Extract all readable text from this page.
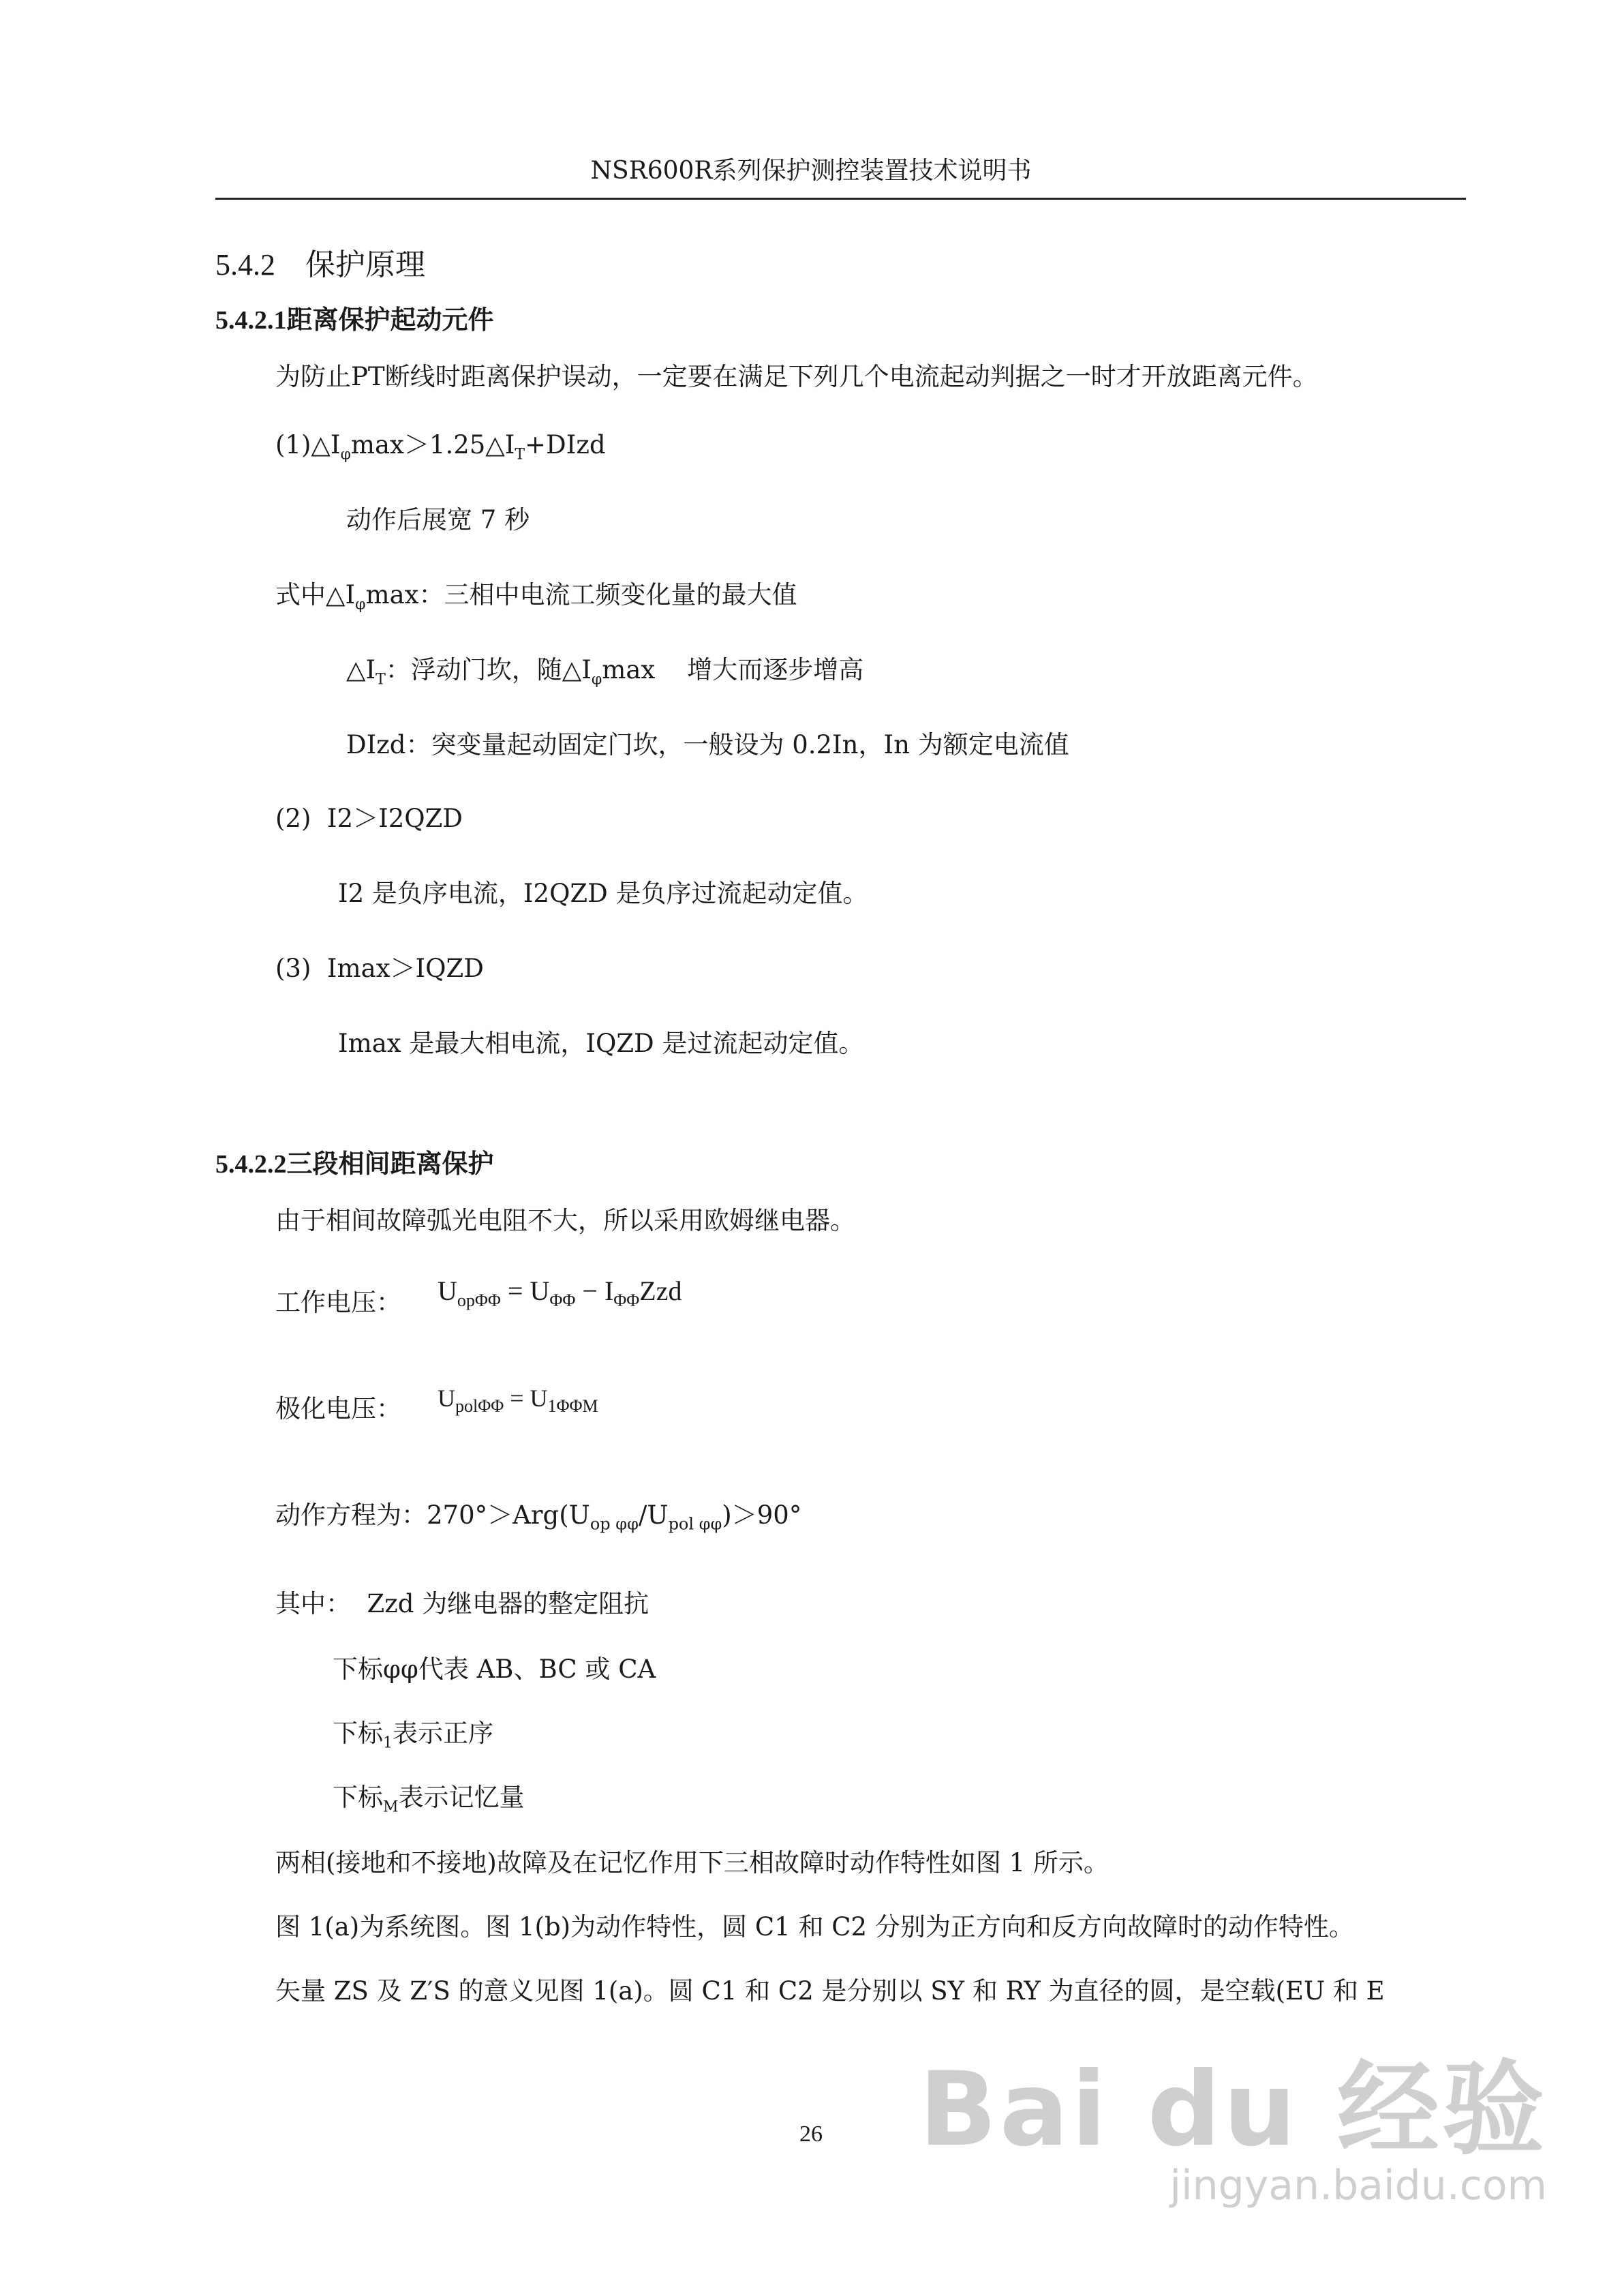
NSR600R系列保护测控装置技术说明书
5.4.2 保护原理
5.4.2.1距离保护起动元件
为防止PT断线时距离保护误动，一定要在满足下列几个电流起动判据之一时才开放距离元件。
$(1)\triangle I_\varphi\max>1.25\triangle I_T+DIzd$
动作后展宽 7 秒
式中$\triangle I_\varphi\max$：三相中电流工频变化量的最大值
$\triangle I_T$：浮动门坎，随$\triangle I_\varphi\max$    增大而逐步增高
DIzd：突变量起动固定门坎，一般设为 0.2In，In 为额定电流值
(2)  I2＞I2QZD
I2 是负序电流，I2QZD 是负序过流起动定值。
(3)  Imax＞IQZD
Imax 是最大相电流，IQZD 是过流起动定值。
5.4.2.2三段相间距离保护
由于相间故障弧光电阻不大，所以采用欧姆继电器。
工作电压： $U_{op\Phi\Phi} = U_{\Phi\Phi} - I_{\Phi\Phi}Zzd$
极化电压： $U_{pol\Phi\Phi} = U_{1\Phi\Phi M}$
动作方程为：$270^\circ>Arg(U_{op \varphi\varphi}/U_{pol \varphi\varphi})>90^\circ$
其中： Zzd 为继电器的整定阻抗
下标φφ代表 AB、BC 或 CA
下标$_1$表示正序
下标$_M$表示记忆量
两相(接地和不接地)故障及在记忆作用下三相故障时动作特性如图 1 所示。
图 1(a)为系统图。图 1(b)为动作特性，圆 C1 和 C2 分别为正方向和反方向故障时的动作特性。
矢量 ZS 及 Z′S 的意义见图 1(a)。圆 C1 和 C2 是分别以 SY 和 RY 为直径的圆，是空载(EU 和 E
26 Bai du 经验
jingyan.baidu.com
